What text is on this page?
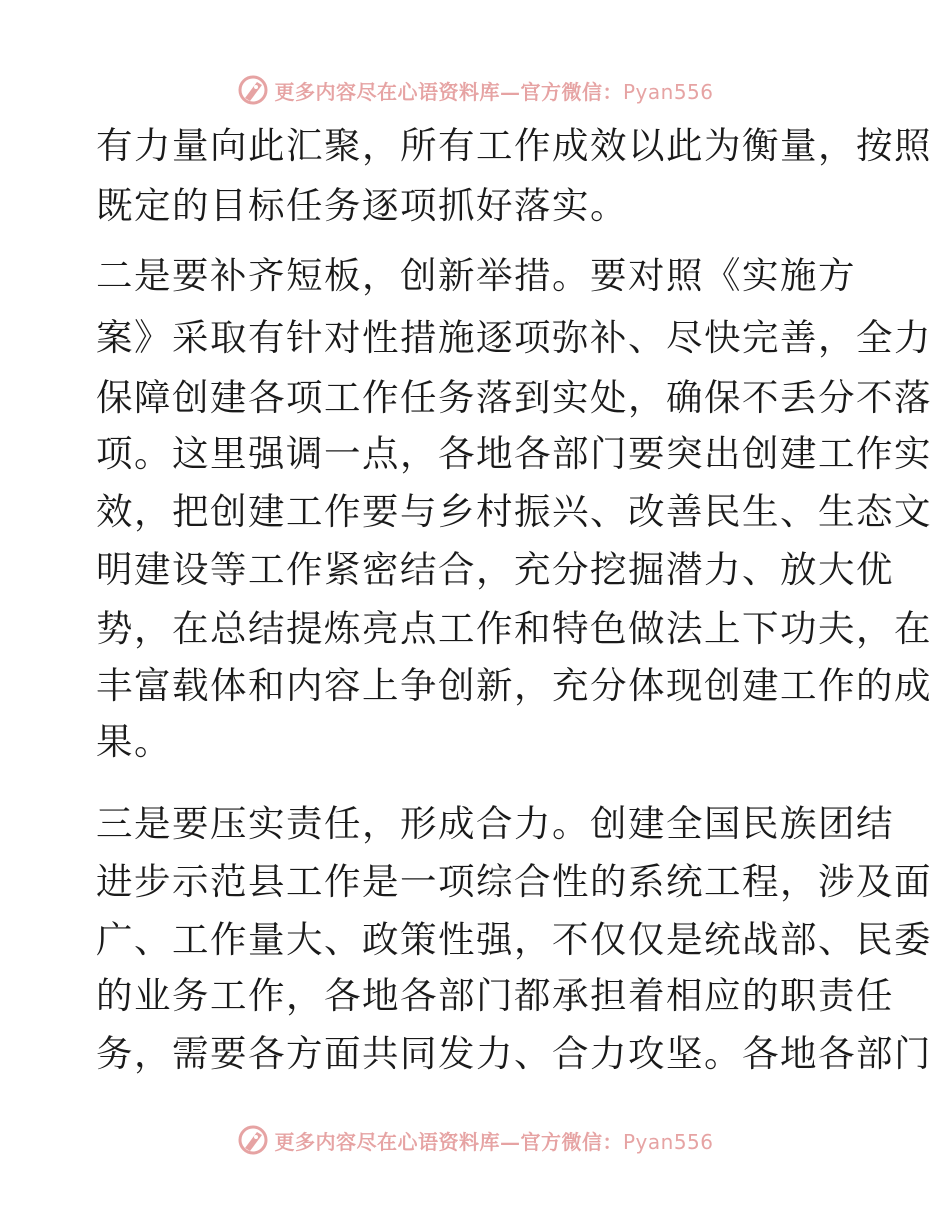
更多内容尽在心语资料库—官方微信：Pyan556
有力量向此汇聚，所有工作成效以此为衡量，按照
既定的目标任务逐项抓好落实。
二是要补齐短板，创新举措。要对照《实施方
案》采取有针对性措施逐项弥补、尽快完善，全力
保障创建各项工作任务落到实处，确保不丢分不落
项。这里强调一点，各地各部门要突出创建工作实
效，把创建工作要与乡村振兴、改善民生、生态文
明建设等工作紧密结合，充分挖掘潜力、放大优
势，在总结提炼亮点工作和特色做法上下功夫，在
丰富载体和内容上争创新，充分体现创建工作的成
果。
三是要压实责任，形成合力。创建全国民族团结
进步示范县工作是一项综合性的系统工程，涉及面
广、工作量大、政策性强，不仅仅是统战部、民委
的业务工作，各地各部门都承担着相应的职责任
务，需要各方面共同发力、合力攻坚。各地各部门
更多内容尽在心语资料库—官方微信：Pyan556
